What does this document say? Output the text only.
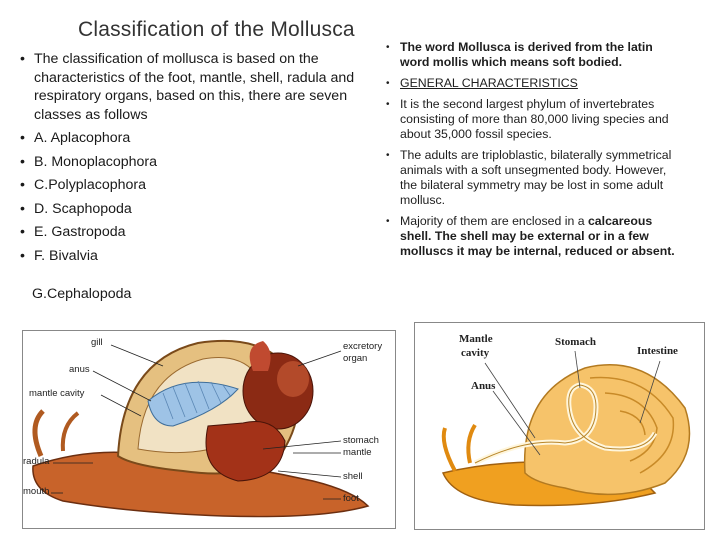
Classification of the Mollusca
• The classification of mollusca is based on the characteristics of the foot, mantle, shell, radula and respiratory organs, based on this, there are seven classes as follows
• A. Aplacophora
• B. Monoplacophora
• C.Polyplacophora
• D. Scaphopoda
• E. Gastropoda
• F. Bivalvia
G.Cephalopoda
• The word Mollusca is derived from the latin word mollis which means soft bodied.
• GENERAL CHARACTERISTICS
• It is the second largest phylum of invertebrates consisting of more than 80,000 living species and about 35,000 fossil species.
• The adults are triploblastic, bilaterally symmetrical animals with a soft unsegmented body. However, the bilateral symmetry may be lost in some adult mollusc.
• Majority of them are enclosed in a calcareous shell. The shell may be external or in a few molluscs it may be internal, reduced or absent.
gill
anus
mantle cavity
radula
mouth
excretory
organ
stomach
mantle
shell
foot
Mantle
cavity
Stomach
Intestine
Anus
